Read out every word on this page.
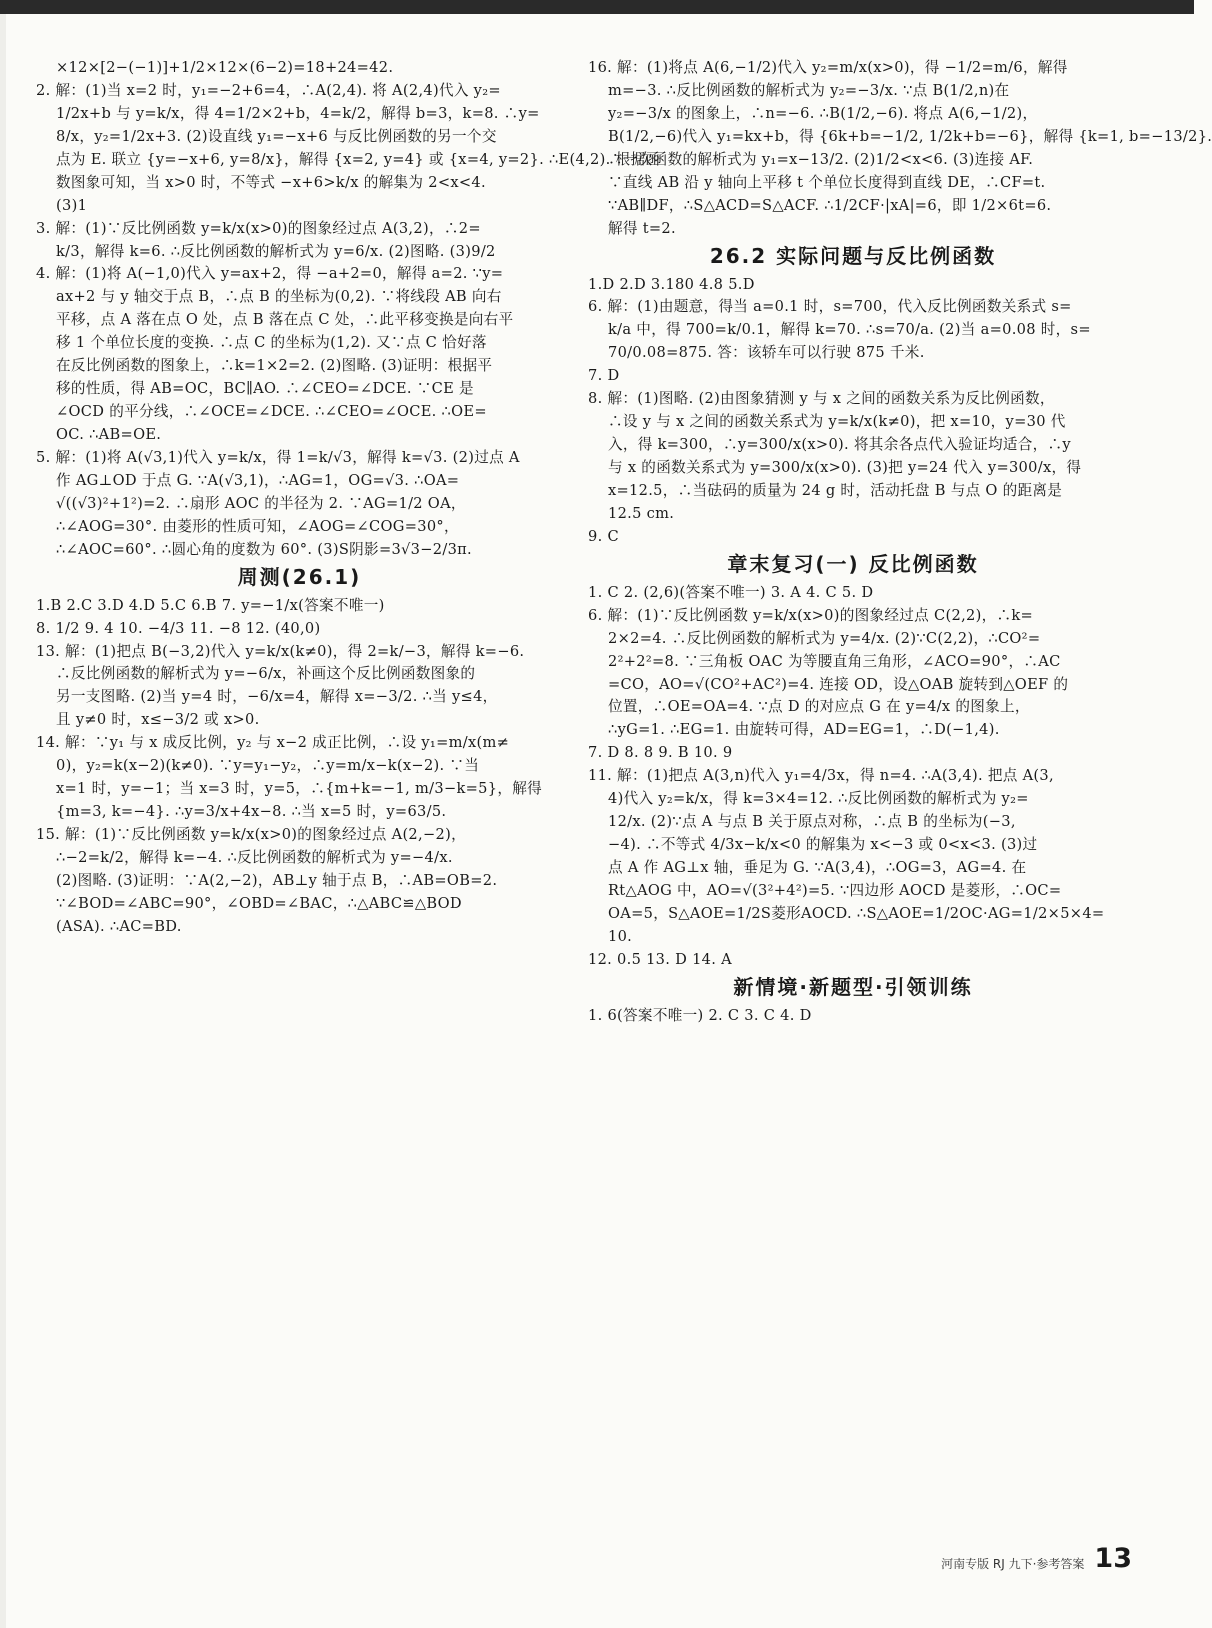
×12×[2−(−1)]+1/2×12×(6−2)=18+24=42.
2. 解：(1)当 x=2 时，y₁=−2+6=4，∴A(2,4). 将 A(2,4)代入 y₂=
1/2x+b 与 y=k/x，得 4=1/2×2+b，4=k/2，解得 b=3，k=8. ∴y=
8/x，y₂=1/2x+3. (2)设直线 y₁=−x+6 与反比例函数的另一个交
点为 E. 联立 {y=−x+6, y=8/x}，解得 {x=2, y=4} 或 {x=4, y=2}. ∴E(4,2). 根据函
数图象可知，当 x>0 时，不等式 −x+6>k/x 的解集为 2<x<4.
(3)1
3. 解：(1)∵反比例函数 y=k/x(x>0)的图象经过点 A(3,2)，∴2=
k/3，解得 k=6. ∴反比例函数的解析式为 y=6/x. (2)图略. (3)9/2
4. 解：(1)将 A(−1,0)代入 y=ax+2，得 −a+2=0，解得 a=2. ∵y=
ax+2 与 y 轴交于点 B，∴点 B 的坐标为(0,2). ∵将线段 AB 向右
平移，点 A 落在点 O 处，点 B 落在点 C 处，∴此平移变换是向右平
移 1 个单位长度的变换. ∴点 C 的坐标为(1,2). 又∵点 C 恰好落
在反比例函数的图象上，∴k=1×2=2. (2)图略. (3)证明：根据平
移的性质，得 AB=OC，BC∥AO. ∴∠CEO=∠DCE. ∵CE 是
∠OCD 的平分线，∴∠OCE=∠DCE. ∴∠CEO=∠OCE. ∴OE=
OC. ∴AB=OE.
5. 解：(1)将 A(√3,1)代入 y=k/x，得 1=k/√3，解得 k=√3. (2)过点 A
作 AG⊥OD 于点 G. ∵A(√3,1)，∴AG=1，OG=√3. ∴OA=
√((√3)²+1²)=2. ∴扇形 AOC 的半径为 2. ∵AG=1/2 OA，
∴∠AOG=30°. 由菱形的性质可知，∠AOG=∠COG=30°，
∴∠AOC=60°. ∴圆心角的度数为 60°. (3)S阴影=3√3−2/3π.
周测(26.1)
1.B 2.C 3.D 4.D 5.C 6.B 7. y=−1/x(答案不唯一)
8. 1/2 9. 4 10. −4/3 11. −8 12. (40,0)
13. 解：(1)把点 B(−3,2)代入 y=k/x(k≠0)，得 2=k/−3，解得 k=−6.
∴反比例函数的解析式为 y=−6/x，补画这个反比例函数图象的
另一支图略. (2)当 y=4 时，−6/x=4，解得 x=−3/2. ∴当 y≤4，
且 y≠0 时，x≤−3/2 或 x>0.
14. 解：∵y₁ 与 x 成反比例，y₂ 与 x−2 成正比例，∴设 y₁=m/x(m≠
0)，y₂=k(x−2)(k≠0). ∵y=y₁−y₂，∴y=m/x−k(x−2). ∵当
x=1 时，y=−1；当 x=3 时，y=5，∴{m+k=−1, m/3−k=5}，解得
{m=3, k=−4}. ∴y=3/x+4x−8. ∴当 x=5 时，y=63/5.
15. 解：(1)∵反比例函数 y=k/x(x>0)的图象经过点 A(2,−2)，
∴−2=k/2，解得 k=−4. ∴反比例函数的解析式为 y=−4/x.
(2)图略. (3)证明：∵A(2,−2)，AB⊥y 轴于点 B，∴AB=OB=2.
∵∠BOD=∠ABC=90°，∠OBD=∠BAC，∴△ABC≌△BOD
(ASA). ∴AC=BD.
16. 解：(1)将点 A(6,−1/2)代入 y₂=m/x(x>0)，得 −1/2=m/6，解得
m=−3. ∴反比例函数的解析式为 y₂=−3/x. ∵点 B(1/2,n)在
y₂=−3/x 的图象上，∴n=−6. ∴B(1/2,−6). 将点 A(6,−1/2)，
B(1/2,−6)代入 y₁=kx+b，得 {6k+b=−1/2, 1/2k+b=−6}，解得 {k=1, b=−13/2}.
∴一次函数的解析式为 y₁=x−13/2. (2)1/2<x<6. (3)连接 AF.
∵直线 AB 沿 y 轴向上平移 t 个单位长度得到直线 DE，∴CF=t.
∵AB∥DF，∴S△ACD=S△ACF. ∴1/2CF·|xA|=6，即 1/2×6t=6.
解得 t=2.
26.2 实际问题与反比例函数
1.D 2.D 3.180 4.8 5.D
6. 解：(1)由题意，得当 a=0.1 时，s=700，代入反比例函数关系式 s=
k/a 中，得 700=k/0.1，解得 k=70. ∴s=70/a. (2)当 a=0.08 时，s=
70/0.08=875. 答：该轿车可以行驶 875 千米.
7. D
8. 解：(1)图略. (2)由图象猜测 y 与 x 之间的函数关系为反比例函数，
∴设 y 与 x 之间的函数关系式为 y=k/x(k≠0)，把 x=10，y=30 代
入，得 k=300，∴y=300/x(x>0). 将其余各点代入验证均适合，∴y
与 x 的函数关系式为 y=300/x(x>0). (3)把 y=24 代入 y=300/x，得
x=12.5，∴当砝码的质量为 24 g 时，活动托盘 B 与点 O 的距离是
12.5 cm.
9. C
章末复习(一) 反比例函数
1. C 2. (2,6)(答案不唯一) 3. A 4. C 5. D
6. 解：(1)∵反比例函数 y=k/x(x>0)的图象经过点 C(2,2)，∴k=
2×2=4. ∴反比例函数的解析式为 y=4/x. (2)∵C(2,2)，∴CO²=
2²+2²=8. ∵三角板 OAC 为等腰直角三角形，∠ACO=90°，∴AC
=CO，AO=√(CO²+AC²)=4. 连接 OD，设△OAB 旋转到△OEF 的
位置，∴OE=OA=4. ∵点 D 的对应点 G 在 y=4/x 的图象上，
∴yG=1. ∴EG=1. 由旋转可得，AD=EG=1，∴D(−1,4).
7. D 8. 8 9. B 10. 9
11. 解：(1)把点 A(3,n)代入 y₁=4/3x，得 n=4. ∴A(3,4). 把点 A(3,
4)代入 y₂=k/x，得 k=3×4=12. ∴反比例函数的解析式为 y₂=
12/x. (2)∵点 A 与点 B 关于原点对称，∴点 B 的坐标为(−3,
−4). ∴不等式 4/3x−k/x<0 的解集为 x<−3 或 0<x<3. (3)过
点 A 作 AG⊥x 轴，垂足为 G. ∵A(3,4)，∴OG=3，AG=4. 在
Rt△AOG 中，AO=√(3²+4²)=5. ∵四边形 AOCD 是菱形，∴OC=
OA=5，S△AOE=1/2S菱形AOCD. ∴S△AOE=1/2OC·AG=1/2×5×4=
10.
12. 0.5 13. D 14. A
新情境·新题型·引领训练
1. 6(答案不唯一) 2. C 3. C 4. D
河南专版 RJ 九下·参考答案 13
